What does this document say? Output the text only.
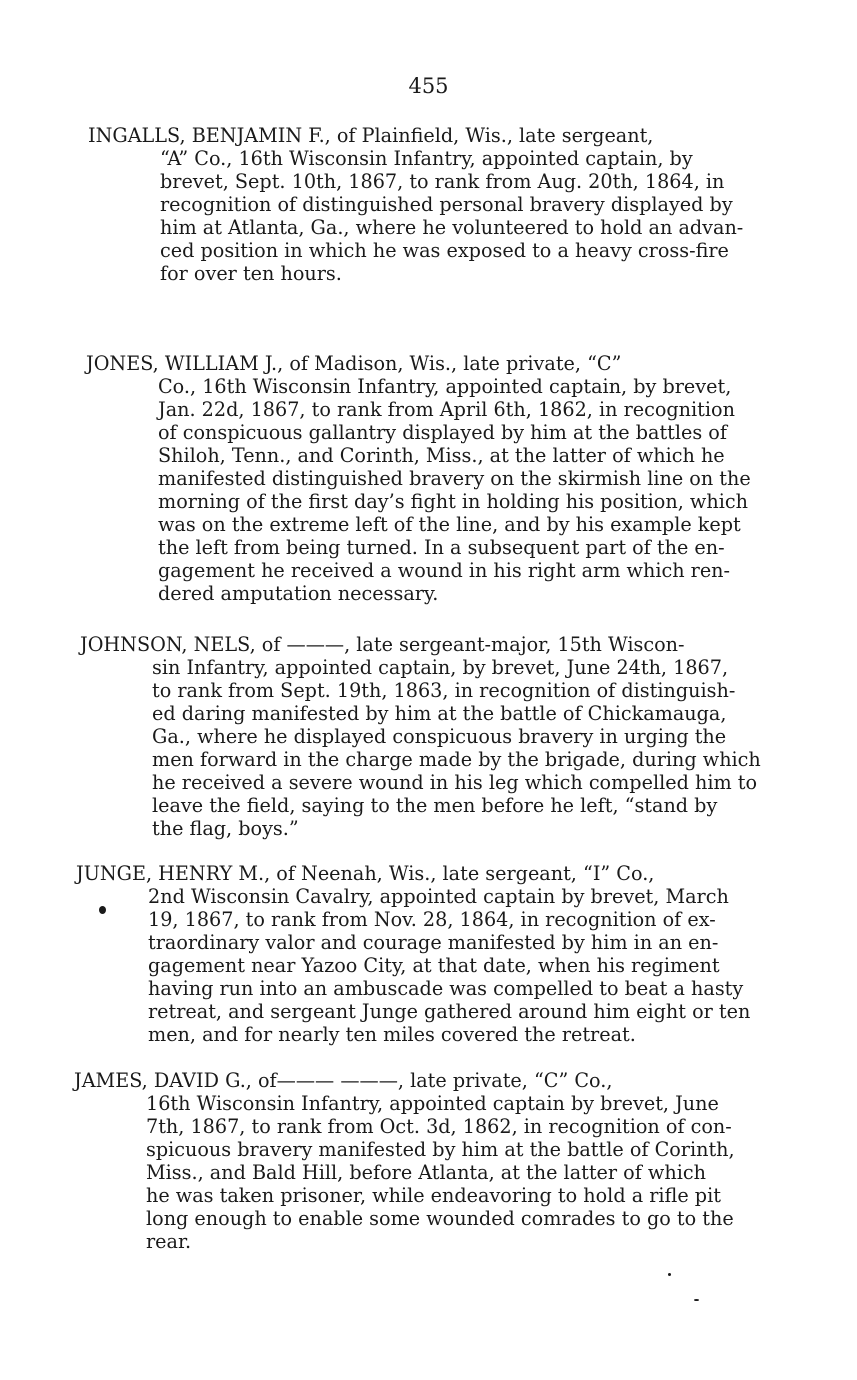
455
INGALLS, BENJAMIN F., of Plainfield, Wis., late sergeant,
“A” Co., 16th Wisconsin Infantry, appointed captain, by
brevet, Sept. 10th, 1867, to rank from Aug. 20th, 1864, in
recognition of distinguished personal bravery displayed by
him at Atlanta, Ga., where he volunteered to hold an advan-
ced position in which he was exposed to a heavy cross-fire
for over ten hours.
JONES, WILLIAM J., of Madison, Wis., late private, “C”
Co., 16th Wisconsin Infantry, appointed captain, by brevet,
Jan. 22d, 1867, to rank from April 6th, 1862, in recognition
of conspicuous gallantry displayed by him at the battles of
Shiloh, Tenn., and Corinth, Miss., at the latter of which he
manifested distinguished bravery on the skirmish line on the
morning of the first day’s fight in holding his position, which
was on the extreme left of the line, and by his example kept
the left from being turned. In a subsequent part of the en-
gagement he received a wound in his right arm which ren-
dered amputation necessary.
JOHNSON, NELS, of ———, late sergeant-major, 15th Wiscon-
sin Infantry, appointed captain, by brevet, June 24th, 1867,
to rank from Sept. 19th, 1863, in recognition of distinguish-
ed daring manifested by him at the battle of Chickamauga,
Ga., where he displayed conspicuous bravery in urging the
men forward in the charge made by the brigade, during which
he received a severe wound in his leg which compelled him to
leave the field, saying to the men before he left, “stand by
the flag, boys.”
JUNGE, HENRY M., of Neenah, Wis., late sergeant, “I” Co.,
2nd Wisconsin Cavalry, appointed captain by brevet, March
19, 1867, to rank from Nov. 28, 1864, in recognition of ex-
traordinary valor and courage manifested by him in an en-
gagement near Yazoo City, at that date, when his regiment
having run into an ambuscade was compelled to beat a hasty
retreat, and sergeant Junge gathered around him eight or ten
men, and for nearly ten miles covered the retreat.
JAMES, DAVID G., of——— ———, late private, “C” Co.,
16th Wisconsin Infantry, appointed captain by brevet, June
7th, 1867, to rank from Oct. 3d, 1862, in recognition of con-
spicuous bravery manifested by him at the battle of Corinth,
Miss., and Bald Hill, before Atlanta, at the latter of which
he was taken prisoner, while endeavoring to hold a rifle pit
long enough to enable some wounded comrades to go to the
rear.
